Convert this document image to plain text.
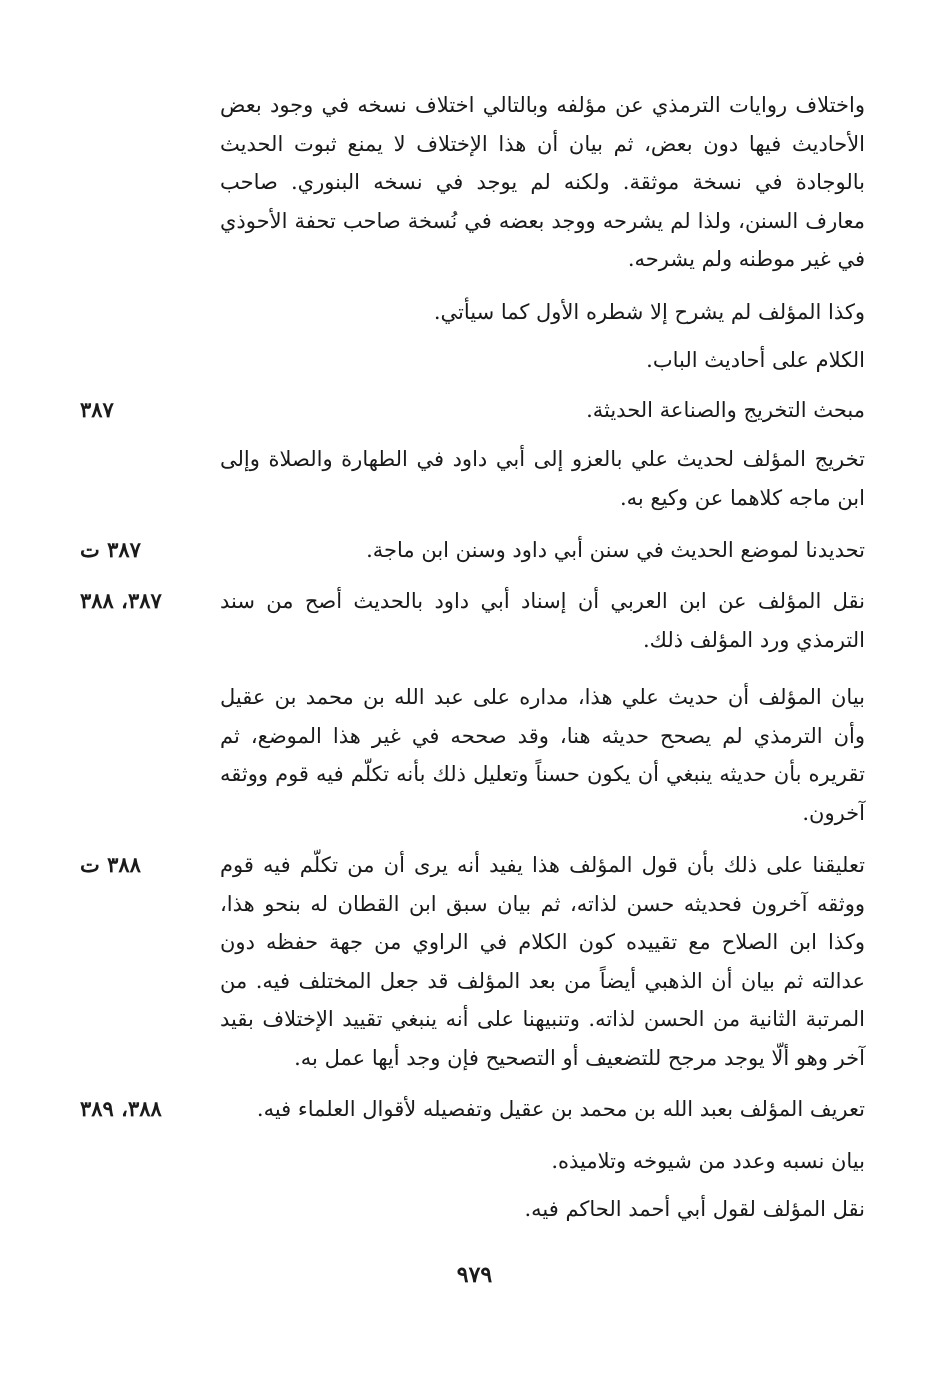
واختلاف روايات الترمذي عن مؤلفه وبالتالي اختلاف نسخه في وجود بعض الأحاديث فيها دون بعض، ثم بيان أن هذا الإختلاف لا يمنع ثبوت الحديث بالوجادة في نسخة موثقة. ولكنه لم يوجد في نسخه البنوري. صاحب معارف السنن، ولذا لم يشرحه ووجد بعضه في نُسخة صاحب تحفة الأحوذي في غير موطنه ولم يشرحه.
وكذا المؤلف لم يشرح إلا شطره الأول كما سيأتي.
الكلام على أحاديث الباب.
مبحث التخريج والصناعة الحديثة.
٣٨٧
تخريج المؤلف لحديث علي بالعزو إلى أبي داود في الطهارة والصلاة وإلى ابن ماجه كلاهما عن وكيع به.
تحديدنا لموضع الحديث في سنن أبي داود وسنن ابن ماجة.
٣٨٧ ت
نقل المؤلف عن ابن العربي أن إسناد أبي داود بالحديث أصح من سند الترمذي ورد المؤلف ذلك.
٣٨٧، ٣٨٨
بيان المؤلف أن حديث علي هذا، مداره على عبد الله بن محمد بن عقيل وأن الترمذي لم يصحح حديثه هنا، وقد صححه في غير هذا الموضع، ثم تقريره بأن حديثه ينبغي أن يكون حسناً وتعليل ذلك بأنه تكلّم فيه قوم ووثقه آخرون.
تعليقنا على ذلك بأن قول المؤلف هذا يفيد أنه يرى أن من تكلّم فيه قوم ووثقه آخرون فحديثه حسن لذاته، ثم بيان سبق ابن القطان له بنحو هذا، وكذا ابن الصلاح مع تقييده كون الكلام في الراوي من جهة حفظه دون عدالته ثم بيان أن الذهبي أيضاً من بعد المؤلف قد جعل المختلف فيه. من المرتبة الثانية من الحسن لذاته. وتنبيهنا على أنه ينبغي تقييد الإختلاف بقيد آخر وهو ألّا يوجد مرجح للتضعيف أو التصحيح فإن وجد أيها عمل به.
٣٨٨ ت
تعريف المؤلف بعبد الله بن محمد بن عقيل وتفصيله لأقوال العلماء فيه.
٣٨٨، ٣٨٩
بيان نسبه وعدد من شيوخه وتلاميذه.
نقل المؤلف لقول أبي أحمد الحاكم فيه.
٩٧٩
